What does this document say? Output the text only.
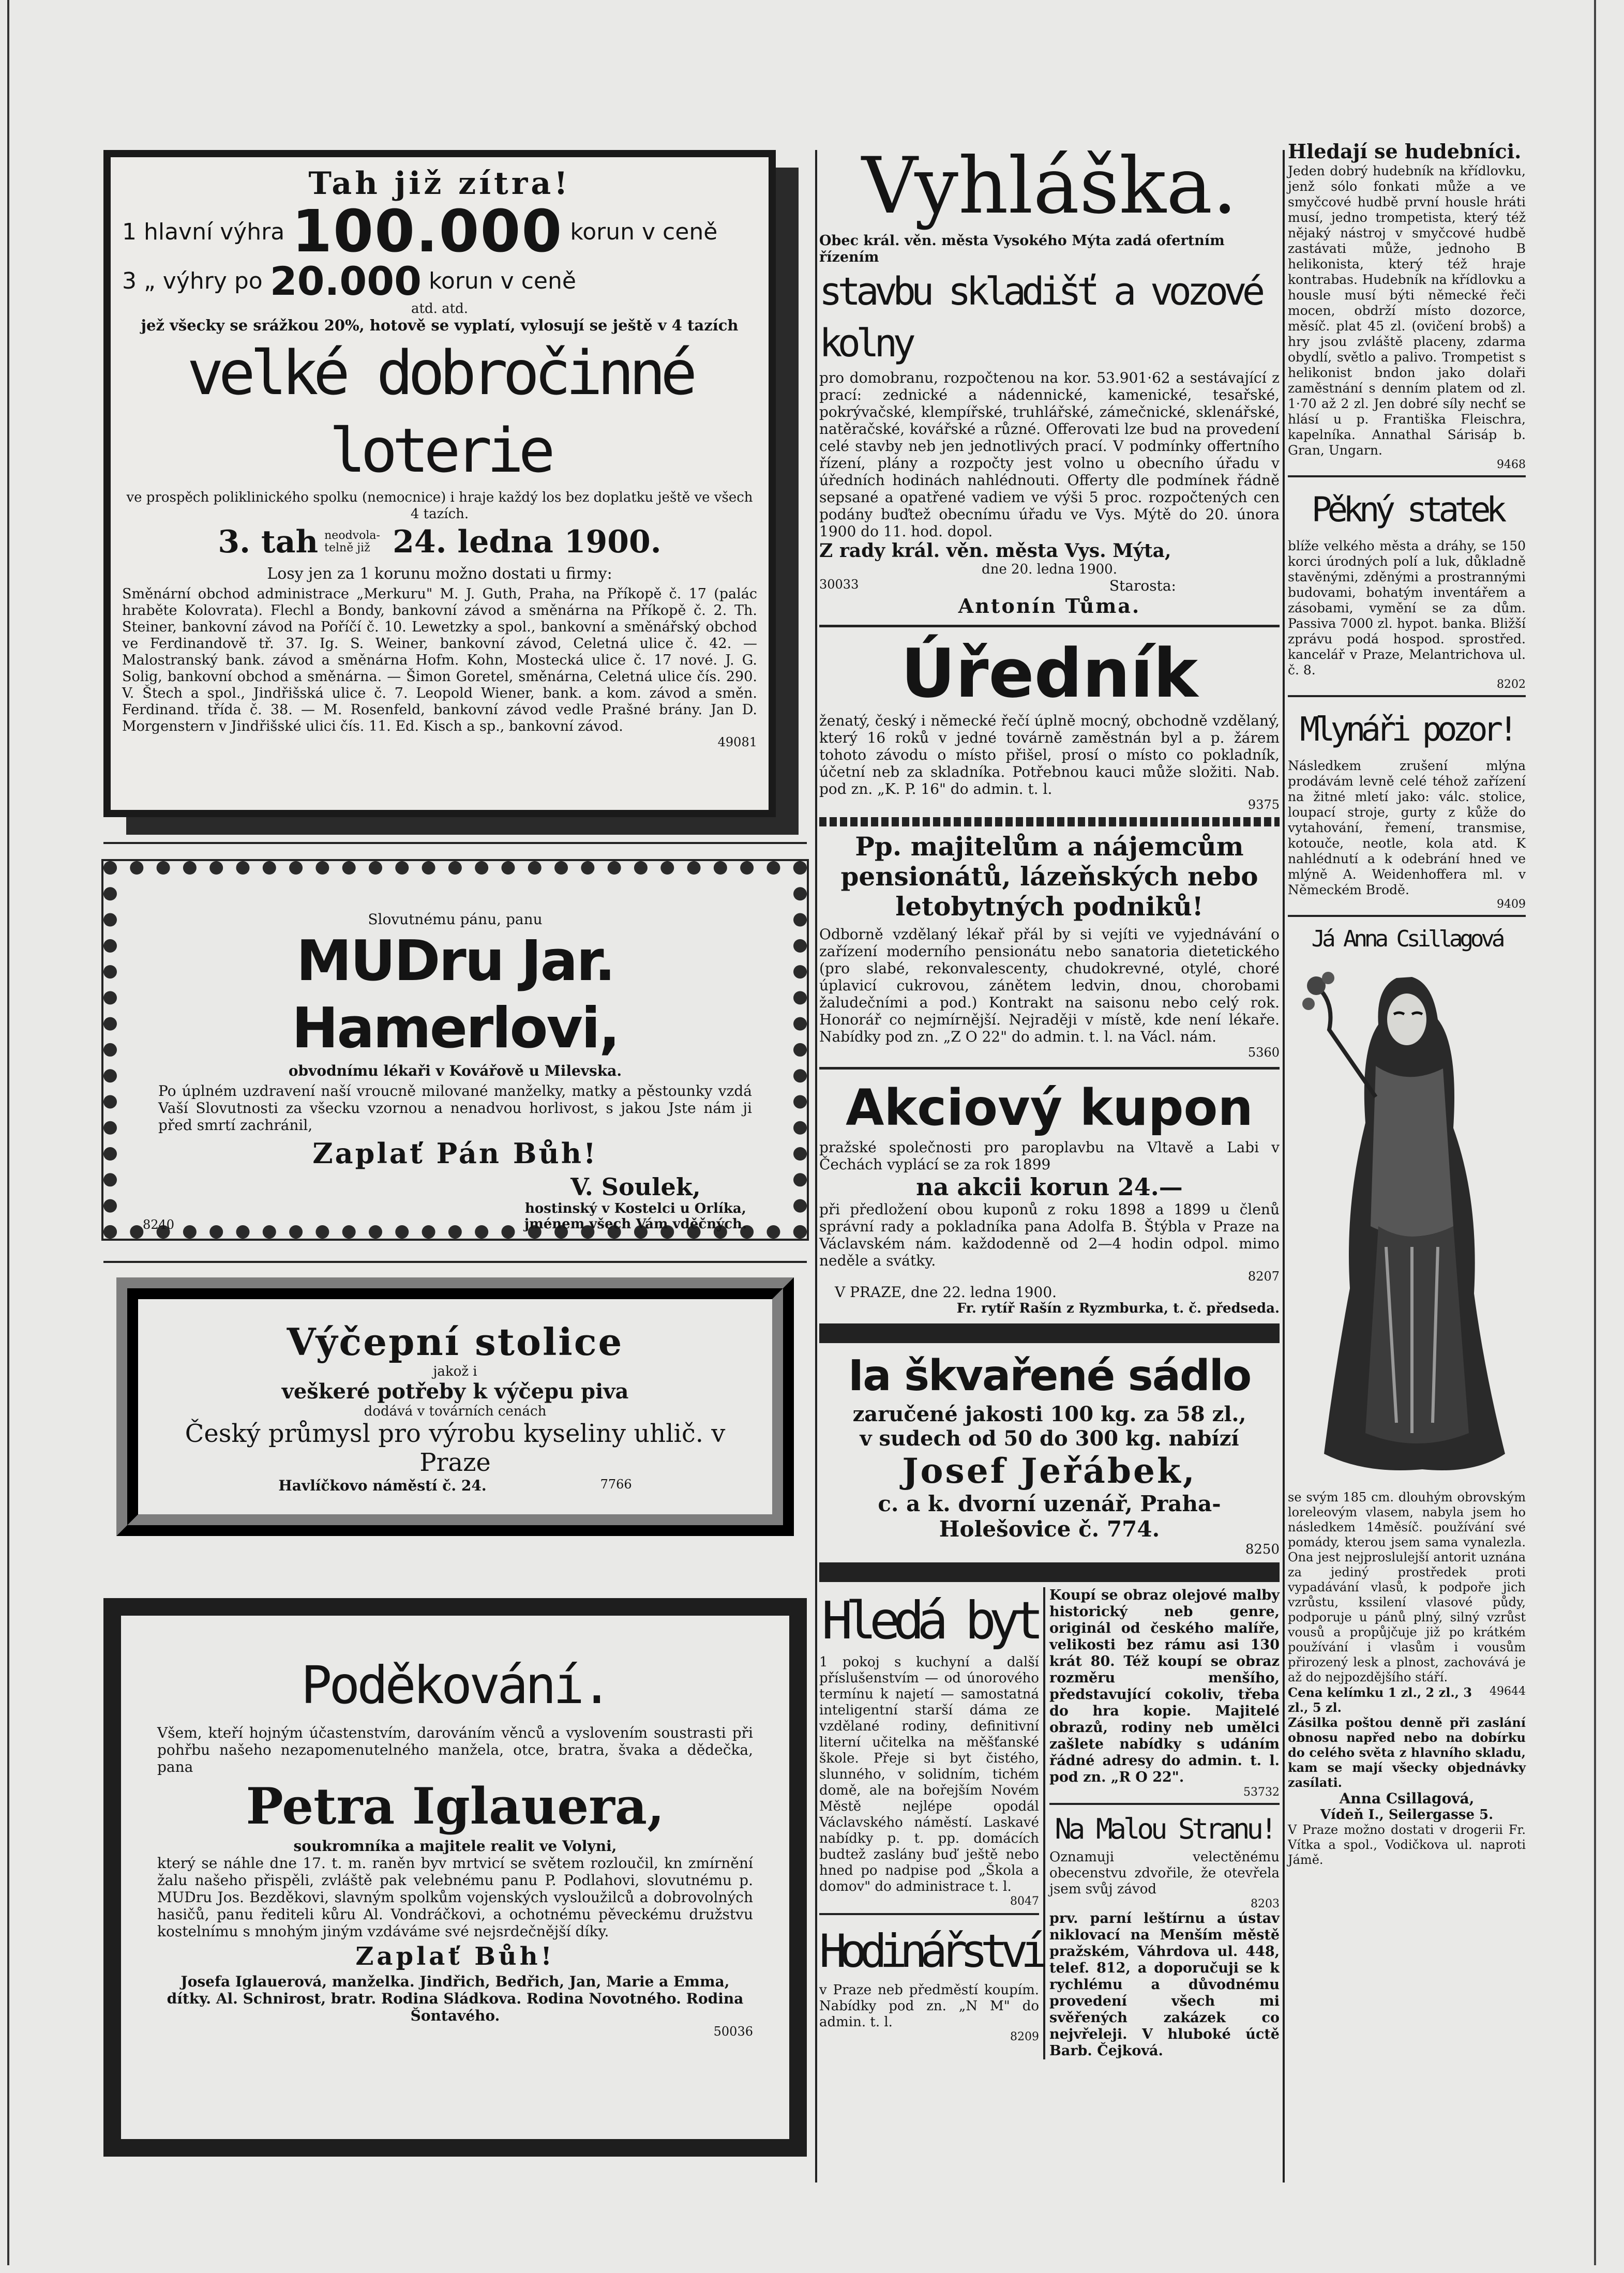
Tah již zítra!
1 hlavní výhra 100.000 korun v ceně
3 „ výhry po 20.000 korun v ceně
atd. atd.
jež všecky se srážkou 20%, hotově se vyplatí, vylosují se ještě v 4 tazích
velké dobročinné loterie
ve prospěch poliklinického spolku (nemocnice) i hraje každý los bez doplatku ještě ve všech 4 tazích.
3. tah neodvola-telně již 24. ledna 1900.
Losy jen za 1 korunu možno dostati u firmy:
Směnární obchod administrace „Merkuru" M. J. Guth, Praha, na Příkopě č. 17 (palác hraběte Kolovrata). Flechl a Bondy, bankovní závod a směnárna na Příkopě č. 2. Th. Steiner, bankovní závod na Poříčí č. 10. Lewetzky a spol., bankovní a směnářský obchod ve Ferdinandově tř. 37. Ig. S. Weiner, bankovní závod, Celetná ulice č. 42. — Malostranský bank. závod a směnárna Hofm. Kohn, Mostecká ulice č. 17 nové. J. G. Solig, bankovní obchod a směnárna. — Šimon Goretel, směnárna, Celetná ulice čís. 290. V. Štech a spol., Jindřišská ulice č. 7. Leopold Wiener, bank. a kom. závod a směn. Ferdinand. třída č. 38. — M. Rosenfeld, bankovní závod vedle Prašné brány. Jan D. Morgenstern v Jindřišské ulici čís. 11. Ed. Kisch a sp., bankovní závod.
49081
Slovutnému pánu, panu
MUDru Jar. Hamerlovi,
obvodnímu lékaři v Kovářově u Milevska.
Po úplném uzdravení naší vroucně milované manželky, matky a pěstounky vzdá Vaší Slovutnosti za všecku vzornou a nenadvou horlivost, s jakou Jste nám ji před smrtí zachránil,
Zaplať Pán Bůh!
8240
V. Soulek,
hostinský v Kostelci u Orlíka,
jménem všech Vám vděčných.
Výčepní stolice
jakož i
veškeré potřeby k výčepu piva
dodává v továrních cenách
Český průmysl pro výrobu kyseliny uhlič. v Praze
Havlíčkovo náměstí č. 24.	7766
Poděkování.
Všem, kteří hojným účastenstvím, darováním věnců a vyslovením soustrasti při pohřbu našeho nezapomenutelného manžela, otce, bratra, švaka a dědečka, pana
Petra Iglauera,
soukromníka a majitele realit ve Volyni,
který se náhle dne 17. t. m. raněn byv mrtvicí se světem rozloučil, kn zmírnění žalu našeho přispěli, zvláště pak velebnému panu P. Podlahovi, slovutnému p. MUDru Jos. Bezděkovi, slavným spolkům vojenských vysloužilců a dobrovolných hasičů, panu řediteli kůru Al. Vondráčkovi, a ochotnému pěveckému družstvu kostelnímu s mnohým jiným vzdáváme své nejsrdečnější díky.
Zaplať Bůh!
Josefa Iglauerová, manželka. Jindřich, Bedřich, Jan, Marie a Emma, dítky. Al. Schnirost, bratr. Rodina Sládkova. Rodina Novotného. Rodina Šontavého.
50036
Vyhláška.
Obec král. věn. města Vysokého Mýta zadá ofertním řízením
stavbu skladišť a vozové kolny
pro domobranu, rozpočtenou na kor. 53.901·62 a sestávající z prací: zednické a nádennické, kamenické, tesařské, pokrývačské, klempířské, truhlářské, zámečnické, sklenářské, natěračské, kovářské a různé. Offerovati lze bud na provedení celé stavby neb jen jednotlivých prací. V podmínky offertního řízení, plány a rozpočty jest volno u obecního úřadu v úředních hodinách nahlédnouti. Offerty dle podmínek řádně sepsané a opatřené vadiem ve výši 5 proc. rozpočtených cen podány buďtež obecnímu úřadu ve Vys. Mýtě do 20. února 1900 do 11. hod. dopol.
Z rady král. věn. města Vys. Mýta,
dne 20. ledna 1900.
30033	Starosta:
Antonín Tůma.
Úředník
ženatý, český i německé řečí úplně mocný, obchodně vzdělaný, který 16 roků v jedné továrně zaměstnán byl a p. žárem tohoto závodu o místo přišel, prosí o místo co pokladník, účetní neb za skladníka. Potřebnou kauci může složiti. Nab. pod zn. „K. P. 16" do admin. t. l.
9375
Pp. majitelům a nájemcům pensionátů, lázeňských nebo letobytných podniků!
Odborně vzdělaný lékař přál by si vejíti ve vyjednávání o zařízení moderního pensionátu nebo sanatoria dietetického (pro slabé, rekonvalescenty, chudokrevné, otylé, choré úplavicí cukrovou, zánětem ledvin, dnou, chorobami žaludečními a pod.) Kontrakt na saisonu nebo celý rok. Honorář co nejmírnější. Nejraději v místě, kde není lékaře. Nabídky pod zn. „Z O 22" do admin. t. l. na Václ. nám.
5360
Akciový kupon
pražské společnosti pro paroplavbu na Vltavě a Labi v Čechách vyplácí se za rok 1899
na akcii korun 24.—
při předložení obou kuponů z roku 1898 a 1899 u členů správní rady a pokladníka pana Adolfa B. Štýbla v Praze na Václavském nám. každodenně od 2—4 hodin odpol. mimo neděle a svátky.
8207
V PRAZE, dne 22. ledna 1900.
Fr. rytíř Rašín z Ryzmburka, t. č. předseda.
Ia škvařené sádlo
zaručené jakosti 100 kg. za 58 zl.,
v sudech od 50 do 300 kg. nabízí
Josef Jeřábek,
c. a k. dvorní uzenář, Praha-Holešovice č. 774.
8250
Hledá byt
1 pokoj s kuchyní a další příslušenstvím — od únorového termínu k najetí — samostatná inteligentní starší dáma ze vzdělané rodiny, definitivní literní učitelka na měšťanské škole. Přeje si byt čistého, slunného, v solidním, tichém domě, ale na bořejším Novém Městě nejlépe opodál Václavského náměstí. Laskavé nabídky p. t. pp. domácích budtež zaslány buď ještě nebo hned po nadpise pod „Škola a domov" do administrace t. l.
8047
Hodinářství
v Praze neb předměstí koupím. Nabídky pod zn. „N M" do admin. t. l.
8209
Koupí se obraz olejové malby historický neb genre, originál od českého malíře, velikosti bez rámu asi 130 krát 80. Též koupí se obraz rozměru menšího, představující cokoliv, třeba do hra kopie. Majitelé obrazů, rodiny neb umělci zašlete nabídky s udáním řádné adresy do admin. t. l. pod zn. „R O 22".
53732
Na Malou Stranu!
Oznamuji velectěnému obecenstvu zdvořile, že otevřela jsem svůj závod
8203
prv. parní leštírnu a ústav niklovací na Menším městě pražském, Váhrdova ul. 448, telef. 812, a doporučuji se k rychlému a důvodnému provedení všech mi svěřených zakázek co nejvřeleji. V hluboké úctě Barb. Čejková.
Hledají se hudebníci.
Jeden dobrý hudebník na křídlovku, jenž sólo fonkati může a ve smyčcové hudbě první housle hráti musí, jedno trompetista, který též nějaký nástroj v smyčcové hudbě zastávati může, jednoho B helikonista, který též hraje kontrabas. Hudebník na křídlovku a housle musí býti německé řeči mocen, obdrží místo dozorce, měsíč. plat 45 zl. (ovičení brobš) a hry jsou zvláště placeny, zdarma obydlí, světlo a palivo. Trompetist s helikonist bndon jako dolaři zaměstnání s denním platem od zl. 1·70 až 2 zl. Jen dobré síly nechť se hlásí u p. Františka Fleischra, kapelníka. Annathal Sárisáp b. Gran, Ungarn.
9468
Pěkný statek
blíže velkého města a dráhy, se 150 korci úrodných polí a luk, důkladně stavěnými, zděnými a prostrannými budovami, bohatým inventářem a zásobami, vymění se za dům. Passiva 7000 zl. hypot. banka. Bližší zprávu podá hospod. sprostřed. kancelář v Praze, Melantrichova ul. č. 8.
8202
Mlynáři pozor!
Následkem zrušení mlýna prodávám levně celé téhož zařízení na žitné mletí jako: válc. stolice, loupací stroje, gurty z kůže do vytahování, řemení, transmise, kotouče, neotle, kola atd. K nahlédnutí a k odebrání hned ve mlýně A. Weidenhoffera ml. v Německém Brodě.
9409
Já Anna Csillagová
se svým 185 cm. dlouhým obrovským loreleovým vlasem, nabyla jsem ho následkem 14měsíč. používání své pomády, kterou jsem sama vynalezla. Ona jest nejproslulejší antorit uznána za jediný prostředek proti vypadávání vlasů, k podpoře jich vzrůstu, kssilení vlasové půdy, podporuje u pánů plný, silný vzrůst vousů a propůjčuje již po krátkém používání i vlasům i vousům přirozený lesk a plnost, zachovává je až do nejpozdějšího stáří.
Cena kelímku 1 zl., 2 zl., 3 zl., 5 zl.
49644
Zásilka poštou denně při zaslání obnosu napřed nebo na dobírku do celého světa z hlavního skladu, kam se mají všecky objednávky zasílati.
Anna Csillagová,
Vídeň I., Seilergasse 5.
V Praze možno dostati v drogerii Fr. Vítka a spol., Vodičkova ul. naproti Jámě.
